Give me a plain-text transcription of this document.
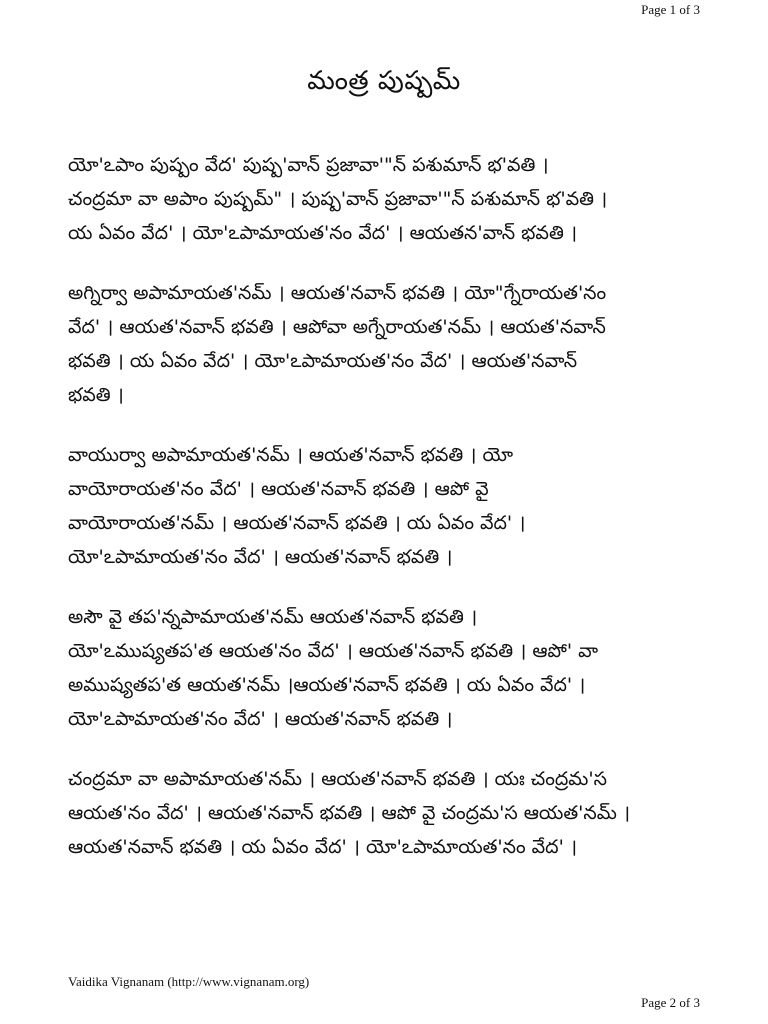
Page 1 of 3
మంత్ర పుష్పమ్
యో'ఽపాం పుష్పం వేద' పుష్ప'వాన్ ప్రజావా'"న్ పశుమాన్ భ'వతి ।
చంద్రమా వా అపాం పుష్పమ్" । పుష్ప'వాన్ ప్రజావా'"న్ పశుమాన్ భ'వతి ।
య ఏవం వేద' । యో'ఽపామాయత'నం వేద' । ఆయతన'వాన్ భవతి ।
అగ్నిర్వా అపామాయత'నమ్ । ఆయత'నవాన్ భవతి । యో"గ్నేరాయత'నం
వేద' । ఆయత'నవాన్ భవతి । ఆపోవా అగ్నేరాయత'నమ్ । ఆయత'నవాన్
భవతి । య ఏవం వేద' । యో'ఽపామాయత'నం వేద' । ఆయత'నవాన్
భవతి ।
వాయుర్వా అపామాయత'నమ్ । ఆయత'నవాన్ భవతి । యో
వాయోరాయత'నం వేద' । ఆయత'నవాన్ భవతి । ఆపో వై
వాయోరాయత'నమ్ । ఆయత'నవాన్ భవతి । య ఏవం వేద' ।
యో'ఽపామాయత'నం వేద' । ఆయత'నవాన్ భవతి ।
అసౌ వై తప'న్నపామాయత'నమ్ ఆయత'నవాన్ భవతి ।
యో'ఽముష్యతప'త ఆయత'నం వేద' । ఆయత'నవాన్ భవతి । ఆపో' వా
అముష్యతప'త ఆయత'నమ్ ।ఆయత'నవాన్ భవతి । య ఏవం వేద' ।
యో'ఽపామాయత'నం వేద' । ఆయత'నవాన్ భవతి ।
చంద్రమా వా అపామాయత'నమ్ । ఆయత'నవాన్ భవతి । యః చంద్రమ'స
ఆయత'నం వేద' । ఆయత'నవాన్ భవతి । ఆపో వై చంద్రమ'స ఆయత'నమ్ ।
ఆయత'నవాన్ భవతి । య ఏవం వేద' । యో'ఽపామాయత'నం వేద' ।
Vaidika Vignanam (http://www.vignanam.org)
Page 2 of 3
